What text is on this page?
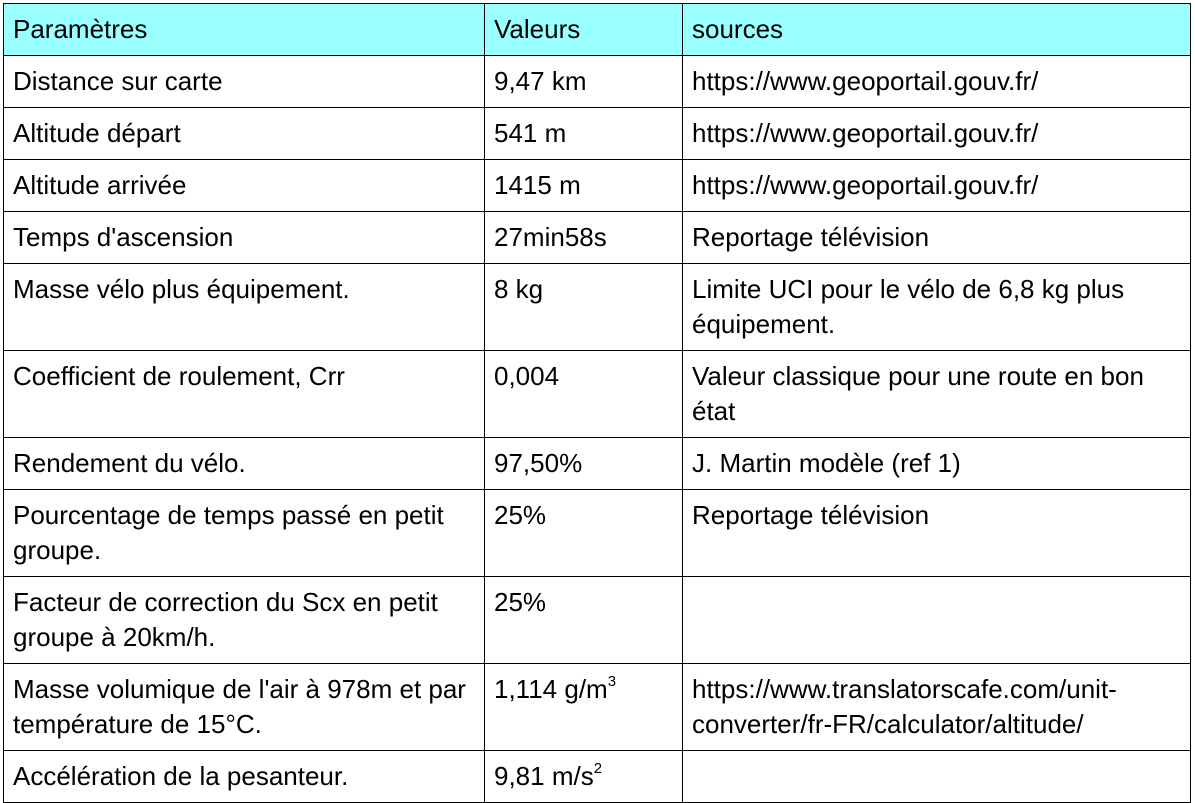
Paramètres	Valeurs	sources
Distance sur carte	9,47 km	https://www.geoportail.gouv.fr/
Altitude départ	541 m	https://www.geoportail.gouv.fr/
Altitude arrivée	1415 m	https://www.geoportail.gouv.fr/
Temps d'ascension	27min58s	Reportage télévision
Masse vélo plus équipement.	8 kg	Limite UCI pour le vélo de 6,8 kg plus  équipement.
Coefficient de roulement, Crr	0,004	Valeur classique pour une route en bon état
Rendement du vélo.	97,50%	J. Martin modèle (ref 1)
Pourcentage de temps passé en petit groupe.	25%	Reportage télévision
Facteur de correction du Scx en petit groupe à 20km/h.	25%	
Masse volumique de l'air à 978m et par température de 15°C.	1,114 $g/m^3$	https://www.translatorscafe.com/unit-
converter/fr-FR/calculator/altitude/
Accélération de la pesanteur.	9,81 $m/s^2$	
